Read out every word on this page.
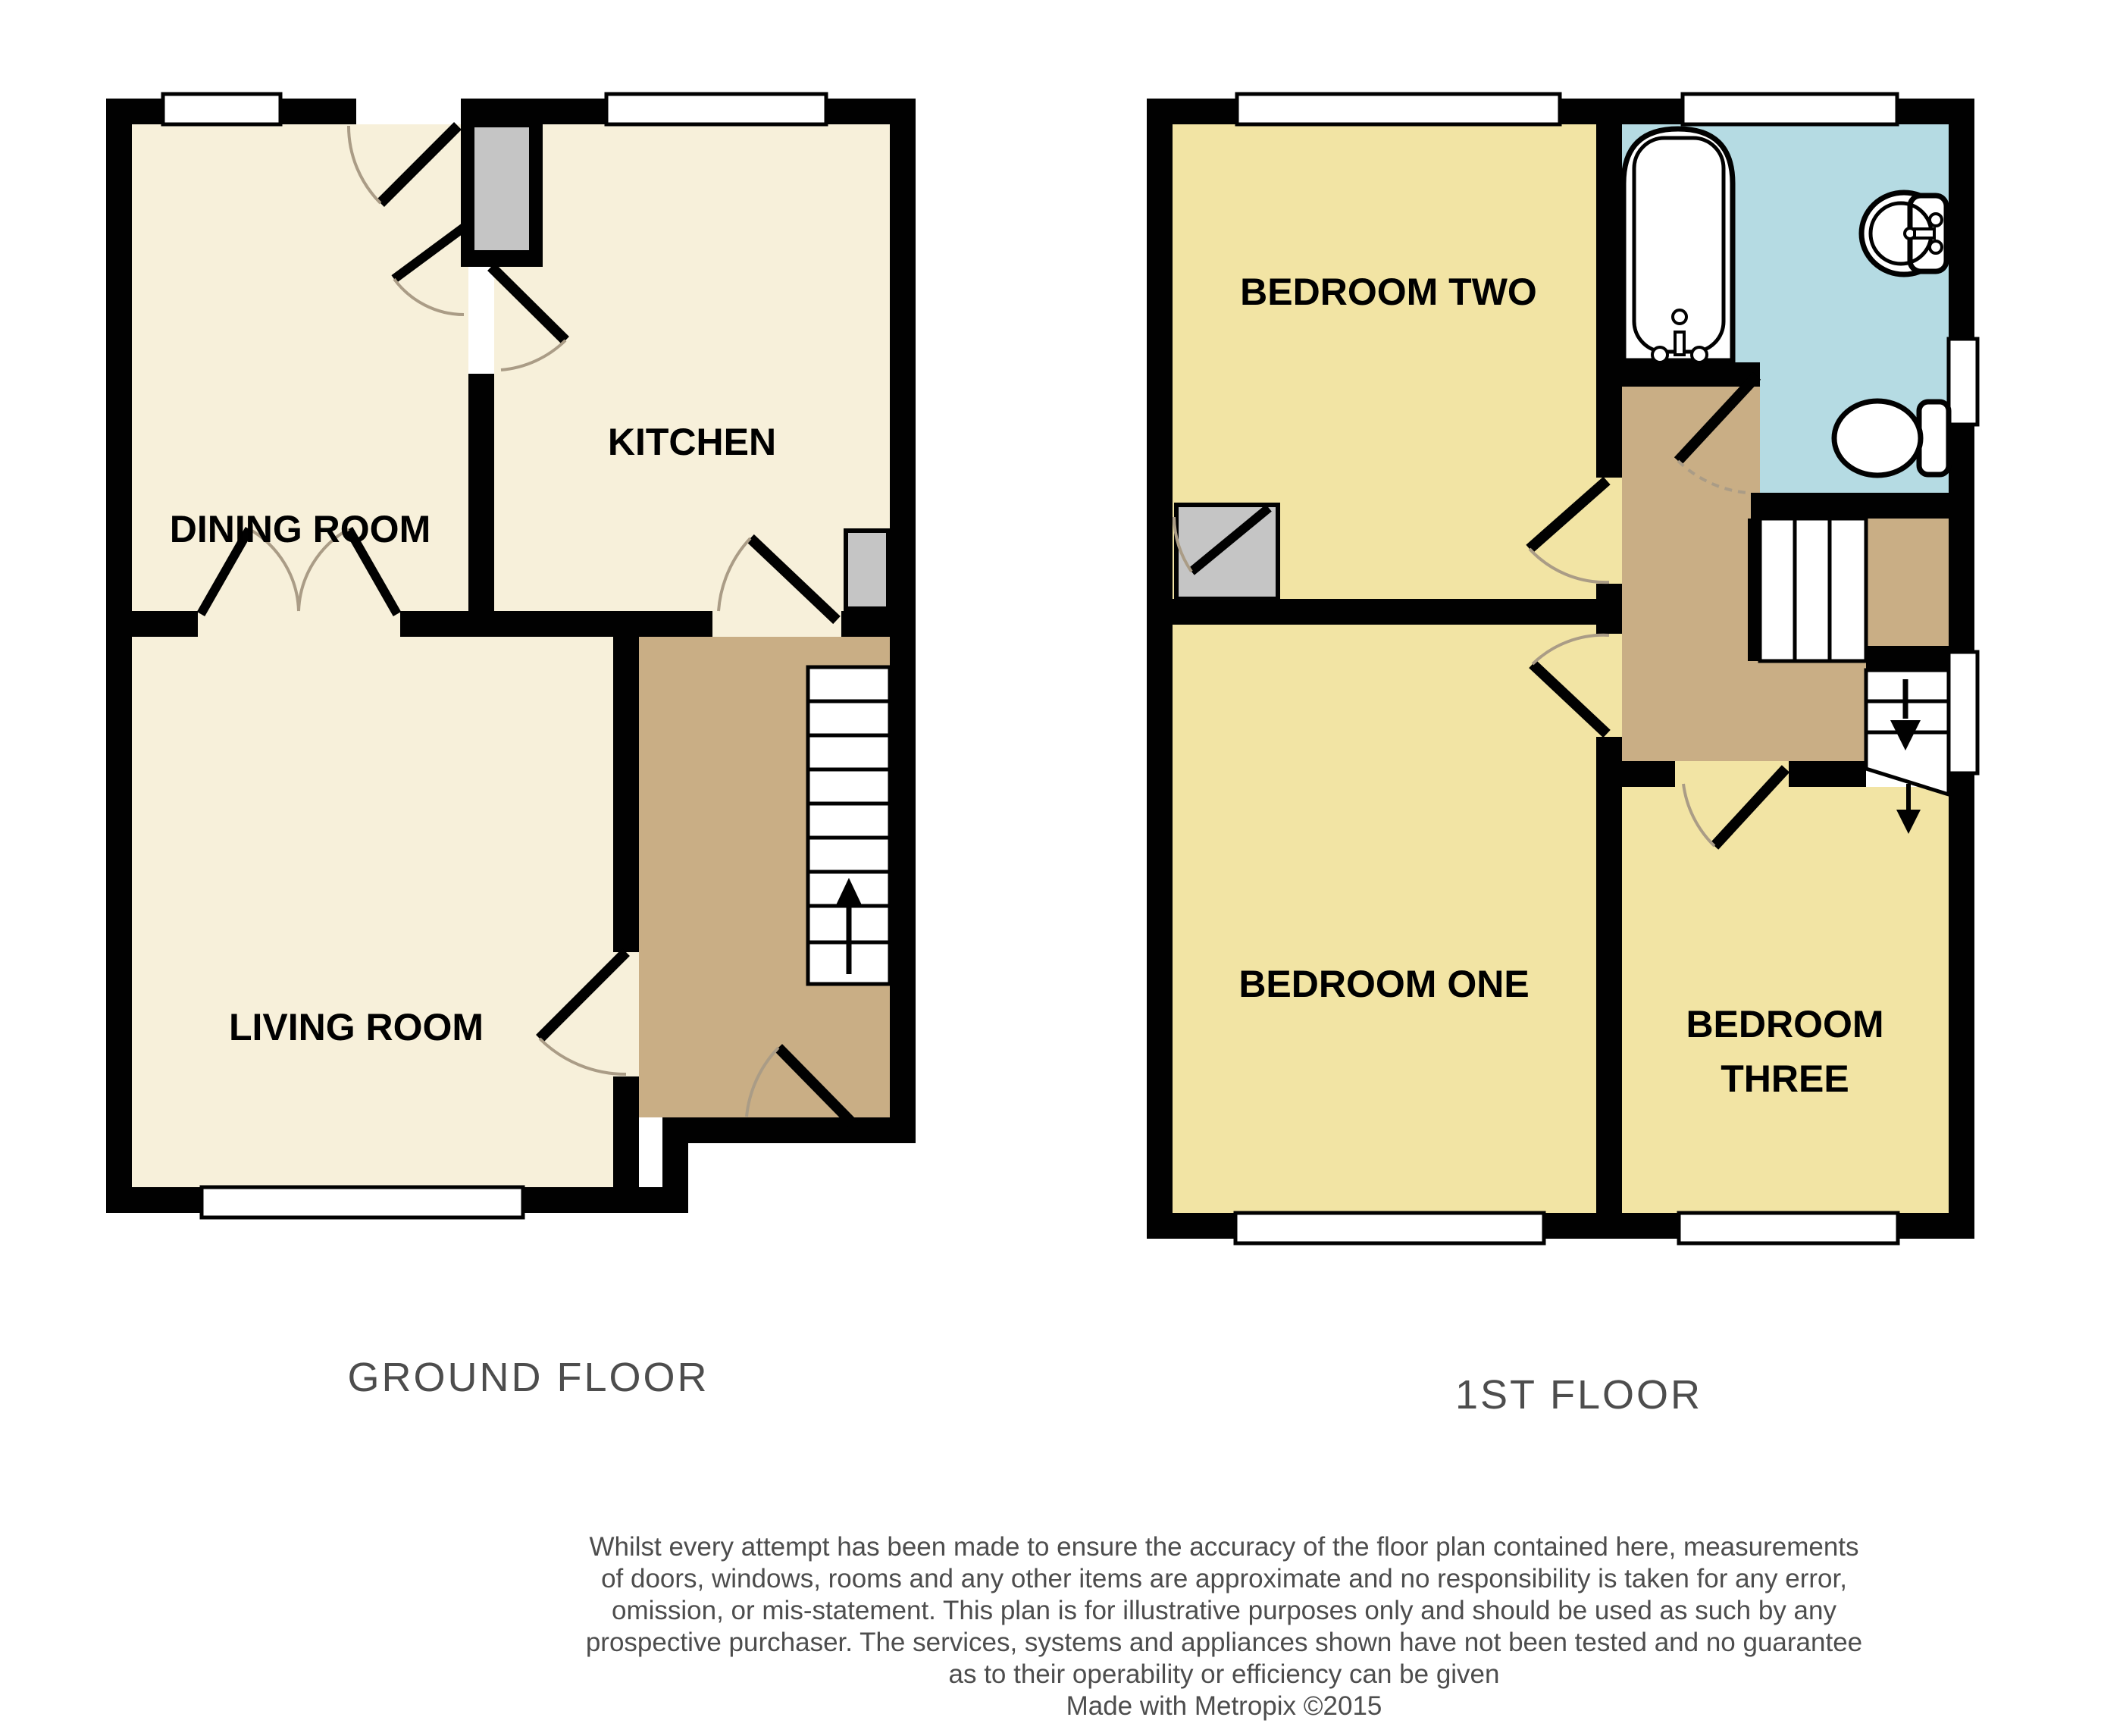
DINING ROOM
KITCHEN
LIVING ROOM
GROUND FLOOR
BEDROOM TWO
BEDROOM ONE
BEDROOM
THREE
1ST FLOOR
Whilst every attempt has been made to ensure the accuracy of the floor plan contained here, measurements
of doors, windows, rooms and any other items are approximate and no responsibility is taken for any error,
omission, or mis-statement. This plan is for illustrative purposes only and should be used as such by any
prospective purchaser. The services, systems and appliances shown have not been tested and no guarantee
as to their operability or efficiency can be given
Made with Metropix ©2015
